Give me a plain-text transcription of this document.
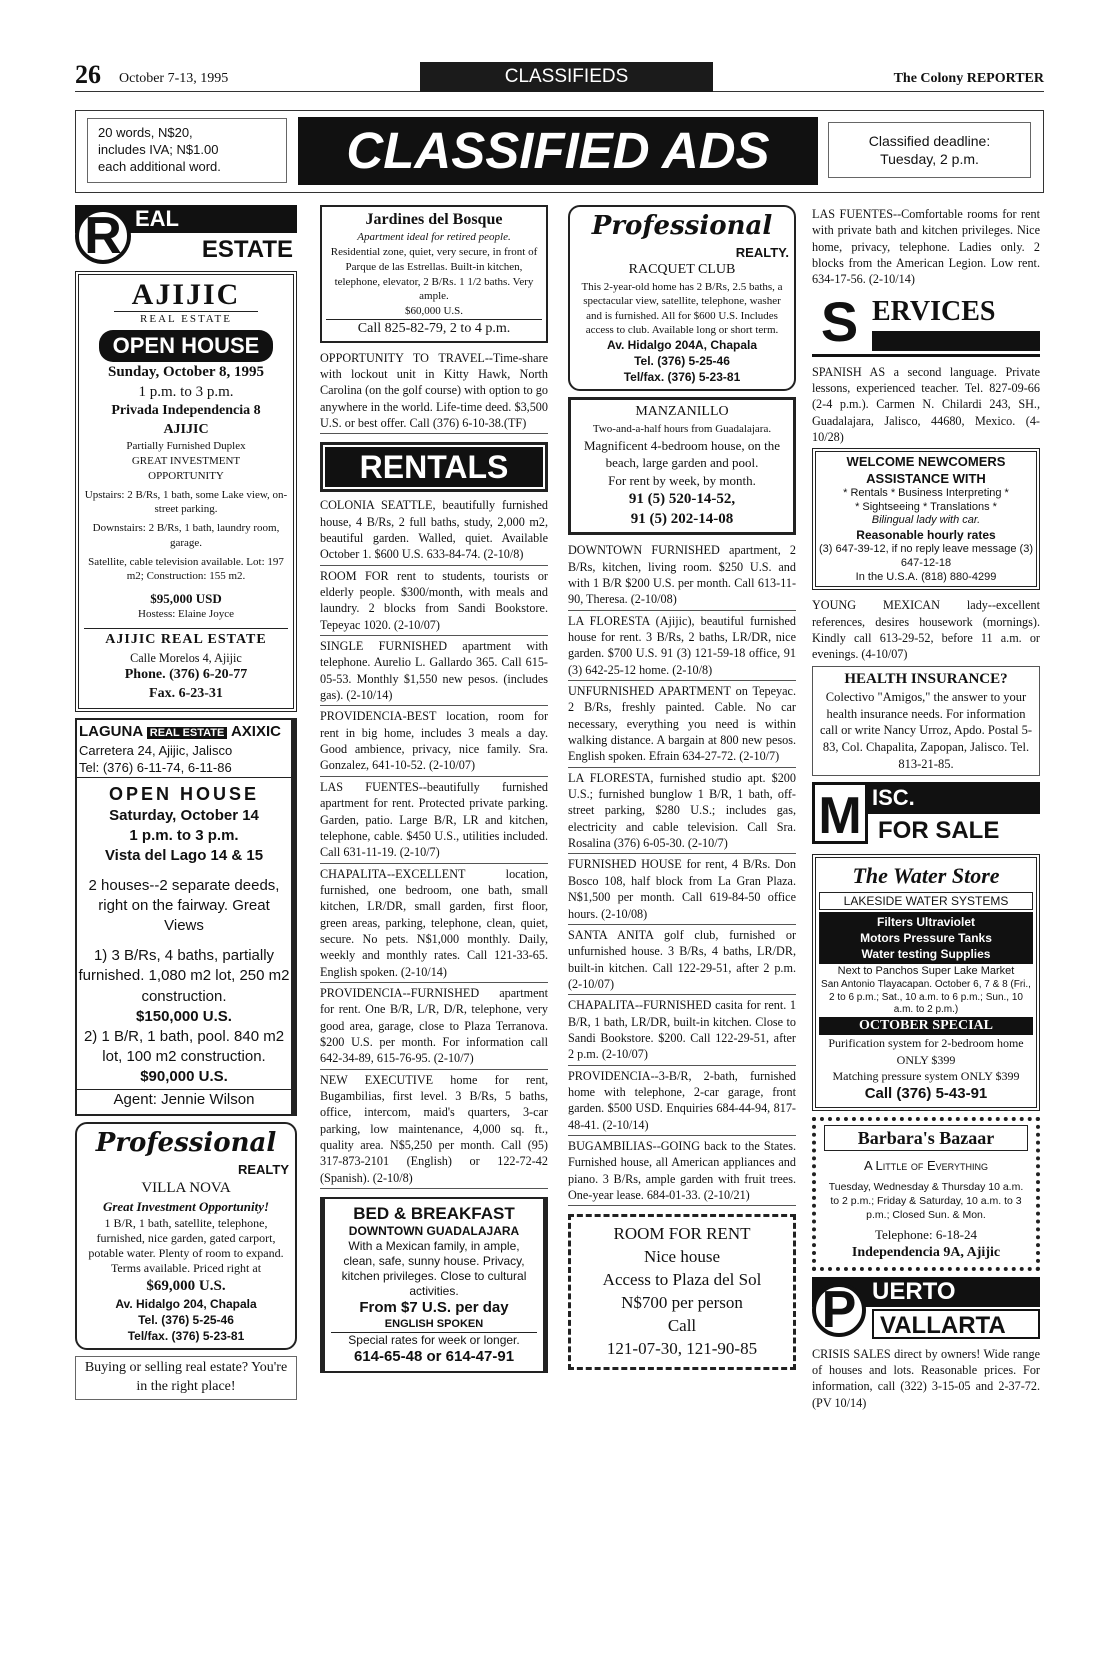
26 October 7-13, 1995	CLASSIFIEDS	The Colony REPORTER
20 words, N$20,
includes IVA; N$1.00
each additional word.	CLASSIFIED ADS	Classified deadline:
Tuesday, 2 p.m.
EAL
R	ESTATE
AJIJIC
REAL ESTATE
OPEN HOUSE
Sunday, October 8, 1995
1 p.m. to 3 p.m.
Privada Independencia 8
AJIJIC
Partially Furnished Duplex
GREAT INVESTMENT
OPPORTUNITY
Upstairs: 2 B/Rs, 1 bath, some Lake view, on-street parking.
Downstairs: 2 B/Rs, 1 bath, laundry room, garage.
Satellite, cable television available. Lot: 197 m2; Construction: 155 m2.
$95,000 USD
Hostess: Elaine Joyce
AJIJIC REAL ESTATE
Calle Morelos 4, Ajijic
Phone. (376) 6-20-77
Fax. 6-23-31
LAGUNA REAL ESTATE AXIXIC
Carretera 24, Ajijic, Jalisco
Tel: (376) 6-11-74, 6-11-86
OPEN HOUSE
Saturday, October 14
1 p.m. to 3 p.m.
Vista del Lago 14 & 15
2 houses--2 separate deeds, right on the fairway. Great Views
1) 3 B/Rs, 4 baths, partially furnished. 1,080 m2 lot, 250 m2 construction.
$150,000 U.S.
2) 1 B/R, 1 bath, pool. 840 m2 lot, 100 m2 construction.
$90,000 U.S.
Agent: Jennie Wilson
Professional
REALTY
VILLA NOVA
Great Investment Opportunity!
1 B/R, 1 bath, satellite, telephone, furnished, nice garden, gated carport, potable water. Plenty of room to expand. Terms available. Priced right at
$69,000 U.S.
Av. Hidalgo 204, Chapala
Tel. (376) 5-25-46
Tel/fax. (376) 5-23-81
Buying or selling real estate? You're in the right place!
Jardines del Bosque
Apartment ideal for retired people.
Residential zone, quiet, very secure, in front of Parque de las Estrellas. Built-in kitchen, telephone, elevator, 2 B/Rs. 1 1/2 baths. Very ample.
$60,000 U.S.
Call 825-82-79, 2 to 4 p.m.
OPPORTUNITY TO TRAVEL--Time-share with lockout unit in Kitty Hawk, North Carolina (on the golf course) with option to go anywhere in the world. Life-time deed. $3,500 U.S. or best offer. Call (376) 6-10-38.(TF)
RENTALS
COLONIA SEATTLE, beautifully furnished house, 4 B/Rs, 2 full baths, study, 2,000 m2, beautiful garden. Walled, quiet. Available October 1. $600 U.S. 633-84-74. (2-10/8)
ROOM FOR rent to students, tourists or elderly people. $300/month, with meals and laundry. 2 blocks from Sandi Bookstore. Tepeyac 1020. (2-10/07)
SINGLE FURNISHED apartment with telephone. Aurelio L. Gallardo 365. Call 615-05-53. Monthly $1,550 new pesos. (includes gas). (2-10/14)
PROVIDENCIA-BEST location, room for rent in big home, includes 3 meals a day. Good ambience, privacy, nice family. Sra. Gonzalez, 641-10-52. (2-10/07)
LAS FUENTES--beautifully furnished apartment for rent. Protected private parking. Garden, patio. Large B/R, LR and kitchen, telephone, cable. $450 U.S., utilities included. Call 631-11-19. (2-10/7)
CHAPALITA--EXCELLENT location, furnished, one bedroom, one bath, small kitchen, LR/DR, small garden, first floor, green areas, parking, telephone, clean, quiet, secure. No pets. N$1,000 monthly. Daily, weekly and monthly rates. Call 121-33-65. English spoken. (2-10/14)
PROVIDENCIA--FURNISHED apartment for rent. One B/R, L/R, D/R, telephone, very good area, garage, close to Plaza Terranova. $200 U.S. per month. For information call 642-34-89, 615-76-95. (2-10/7)
NEW EXECUTIVE home for rent, Bugambilias, first level. 3 B/Rs, 5 baths, office, intercom, maid's quarters, 3-car parking, low maintenance, 4,000 sq. ft., quality area. N$5,250 per month. Call (95) 317-873-2101 (English) or 122-72-42 (Spanish). (2-10/8)
BED & BREAKFAST
DOWNTOWN GUADALAJARA
With a Mexican family, in ample, clean, safe, sunny house. Privacy, kitchen privileges. Close to cultural activities.
From $7 U.S. per day
ENGLISH SPOKEN
Special rates for week or longer.
614-65-48 or 614-47-91
Professional
REALTY.
RACQUET CLUB
This 2-year-old home has 2 B/Rs, 2.5 baths, a spectacular view, satellite, telephone, washer and is furnished. All for $600 U.S. Includes access to club. Available long or short term.
Av. Hidalgo 204A, Chapala
Tel. (376) 5-25-46
Tel/fax. (376) 5-23-81
MANZANILLO
Two-and-a-half hours from Guadalajara.
Magnificent 4-bedroom house, on the beach, large garden and pool.
For rent by week, by month.
91 (5) 520-14-52,
91 (5) 202-14-08
DOWNTOWN FURNISHED apartment, 2 B/Rs, kitchen, living room. $250 U.S. and with 1 B/R $200 U.S. per month. Call 613-11-90, Theresa. (2-10/08)
LA FLORESTA (Ajijic), beautiful furnished house for rent. 3 B/Rs, 2 baths, LR/DR, nice garden. $700 U.S. 91 (3) 121-59-18 office, 91 (3) 642-25-12 home. (2-10/8)
UNFURNISHED APARTMENT on Tepeyac. 2 B/Rs, freshly painted. Cable. No car necessary, everything you need is within walking distance. A bargain at 800 new pesos. English spoken. Efrain 634-27-72. (2-10/7)
LA FLORESTA, furnished studio apt. $200 U.S.; furnished bunglow 1 B/R, 1 bath, off-street parking, $280 U.S.; includes gas, electricity and cable television. Call Sra. Rosalina (376) 6-05-30. (2-10/7)
FURNISHED HOUSE for rent, 4 B/Rs. Don Bosco 108, half block from La Gran Plaza. N$1,500 per month. Call 619-84-50 office hours. (2-10/08)
SANTA ANITA golf club, furnished or unfurnished house. 3 B/Rs, 4 baths, LR/DR, built-in kitchen. Call 122-29-51, after 2 p.m. (2-10/07)
CHAPALITA--FURNISHED casita for rent. 1 B/R, 1 bath, LR/DR, built-in kitchen. Close to Sandi Bookstore. $200. Call 122-29-51, after 2 p.m. (2-10/07)
PROVIDENCIA--3-B/R, 2-bath, furnished home with telephone, 2-car garage, front garden. $500 USD. Enquiries 684-44-94, 817-48-41. (2-10/14)
BUGAMBILIAS--GOING back to the States. Furnished house, all American appliances and piano. 3 B/Rs, ample garden with fruit trees. One-year lease. 684-01-33. (2-10/21)
ROOM FOR RENT
Nice house
Access to Plaza del Sol
N$700 per person
Call
121-07-30, 121-90-85
LAS FUENTES--Comfortable rooms for rent with private bath and kitchen privileges. Nice home, privacy, telephone. Ladies only. 2 blocks from the American Legion. Low rent. 634-17-56. (2-10/14)
S ERVICES
SPANISH AS a second language. Private lessons, experienced teacher. Tel. 827-09-66 (2-4 p.m.). Carmen N. Chilardi 243, SH., Guadalajara, Jalisco, 44680, Mexico. (4-10/28)
WELCOME NEWCOMERS
ASSISTANCE WITH
* Rentals * Business Interpreting *
* Sightseeing * Translations *
Bilingual lady with car.
Reasonable hourly rates
(3) 647-39-12, if no reply leave message (3) 647-12-18
In the U.S.A. (818) 880-4299
YOUNG MEXICAN lady--excellent references, desires housework (mornings). Kindly call 613-29-52, before 11 a.m. or evenings. (4-10/07)
HEALTH INSURANCE?
Colectivo "Amigos," the answer to your health insurance needs. For information call or write Nancy Urroz, Apdo. Postal 5-83, Col. Chapalita, Zapopan, Jalisco. Tel. 813-21-85.
ISC.
M FOR SALE
The Water Store
LAKESIDE WATER SYSTEMS
Filters Ultraviolet
Motors Pressure Tanks
Water testing Supplies
Next to Panchos Super Lake Market
San Antonio Tlayacapan. October 6, 7 & 8 (Fri., 2 to 6 p.m.; Sat., 10 a.m. to 6 p.m.; Sun., 10 a.m. to 2 p.m.)
OCTOBER SPECIAL
Purification system for 2-bedroom home ONLY $399
Matching pressure system ONLY $399
Call (376) 5-43-91
Barbara's Bazaar
A Little of Everything
Tuesday, Wednesday & Thursday 10 a.m. to 2 p.m.; Friday & Saturday, 10 a.m. to 3 p.m.; Closed Sun. & Mon.
Telephone: 6-18-24
Independencia 9A, Ajijic
UERTO
P VALLARTA
CRISIS SALES direct by owners! Wide range of houses and lots. Reasonable prices. For information, call (322) 3-15-05 and 2-37-72. (PV 10/14)
